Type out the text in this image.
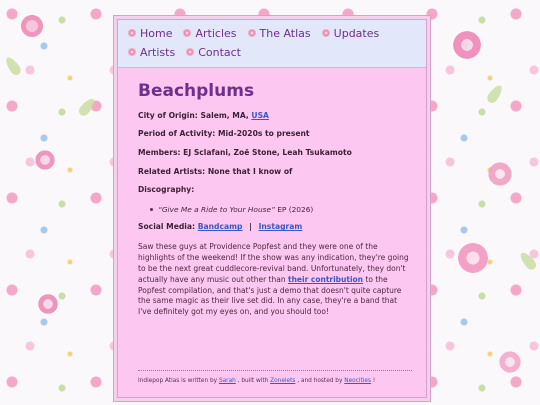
Home Articles The Atlas Updates
Artists Contact
Beachplums
City of Origin: Salem, MA, USA
Period of Activity: Mid-2020s to present
Members: EJ Sclafani, Zoë Stone, Leah Tsukamoto
Related Artists: None that I know of
Discography:
“Give Me a Ride to Your House” EP (2026)
Social Media: Bandcamp | Instagram
Saw these guys at Providence Popfest and they were one of the highlights of the weekend! If the show was any indication, they're going to be the next great cuddlecore-revival band. Unfortunately, they don't actually have any music out other than their contribution to the Popfest compilation, and that's just a demo that doesn't quite capture the same magic as their live set did. In any case, they're a band that I've definitely got my eyes on, and you should too!
Indiepop Atlas is written by Sarah , built with Zonelets , and hosted by Neocities !
